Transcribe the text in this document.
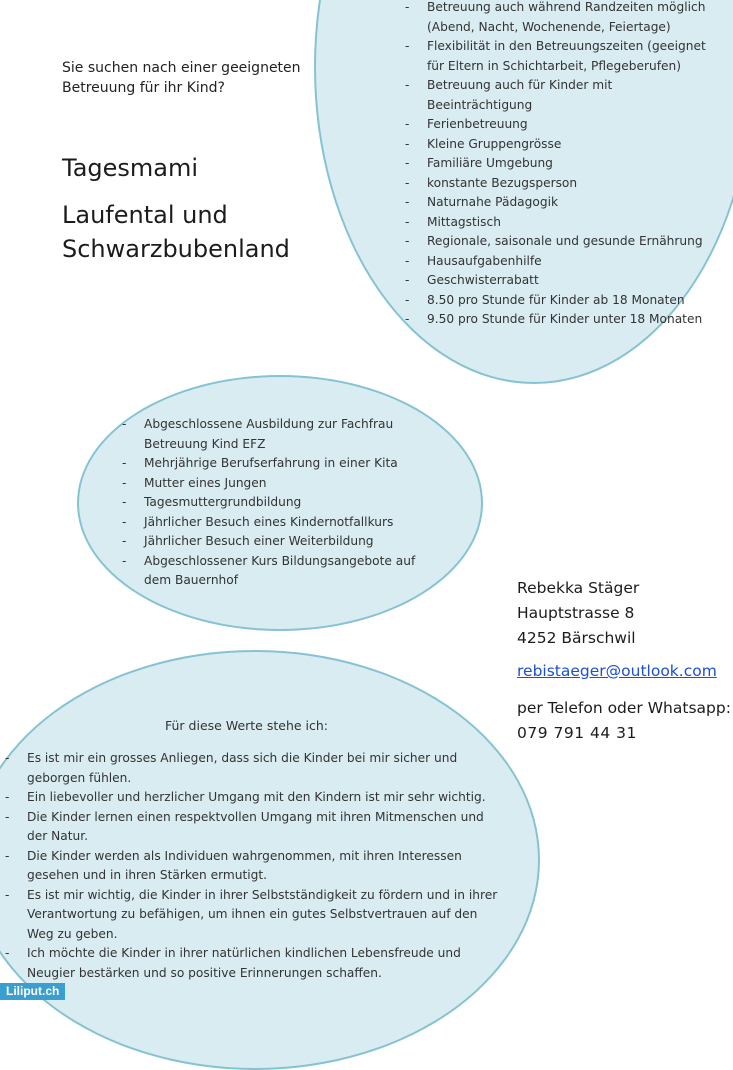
Sie suchen nach einer geeigneten Betreuung für ihr Kind?
Tagesmami
Laufental und Schwarzbubenland
- Betreuung auch während Randzeiten möglich (Abend, Nacht, Wochenende, Feiertage)
- Flexibilität in den Betreuungszeiten (geeignet für Eltern in Schichtarbeit, Pflegeberufen)
- Betreuung auch für Kinder mit Beeinträchtigung
- Ferienbetreuung
- Kleine Gruppengrösse
- Familiäre Umgebung
- konstante Bezugsperson
- Naturnahe Pädagogik
- Mittagstisch
- Regionale, saisonale und gesunde Ernährung
- Hausaufgabenhilfe
- Geschwisterrabatt
- 8.50 pro Stunde für Kinder ab 18 Monaten
- 9.50 pro Stunde für Kinder unter 18 Monaten
- Abgeschlossene Ausbildung zur Fachfrau Betreuung Kind EFZ
- Mehrjährige Berufserfahrung in einer Kita
- Mutter eines Jungen
- Tagesmuttergrundbildung
- Jährlicher Besuch eines Kindernotfallkurs
- Jährlicher Besuch einer Weiterbildung
- Abgeschlossener Kurs Bildungsangebote auf dem Bauernhof
Für diese Werte stehe ich:
- Es ist mir ein grosses Anliegen, dass sich die Kinder bei mir sicher und geborgen fühlen.
- Ein liebevoller und herzlicher Umgang mit den Kindern ist mir sehr wichtig.
- Die Kinder lernen einen respektvollen Umgang mit ihren Mitmenschen und der Natur.
- Die Kinder werden als Individuen wahrgenommen, mit ihren Interessen gesehen und in ihren Stärken ermutigt.
- Es ist mir wichtig, die Kinder in ihrer Selbstständigkeit zu fördern und in ihrer Verantwortung zu befähigen, um ihnen ein gutes Selbstvertrauen auf den Weg zu geben.
- Ich möchte die Kinder in ihrer natürlichen kindlichen Lebensfreude und Neugier bestärken und so positive Erinnerungen schaffen.
Rebekka Stäger
Hauptstrasse 8
4252 Bärschwil
rebistaeger@outlook.com
per Telefon oder Whatsapp:
079 791 44 31
Liliput.ch
